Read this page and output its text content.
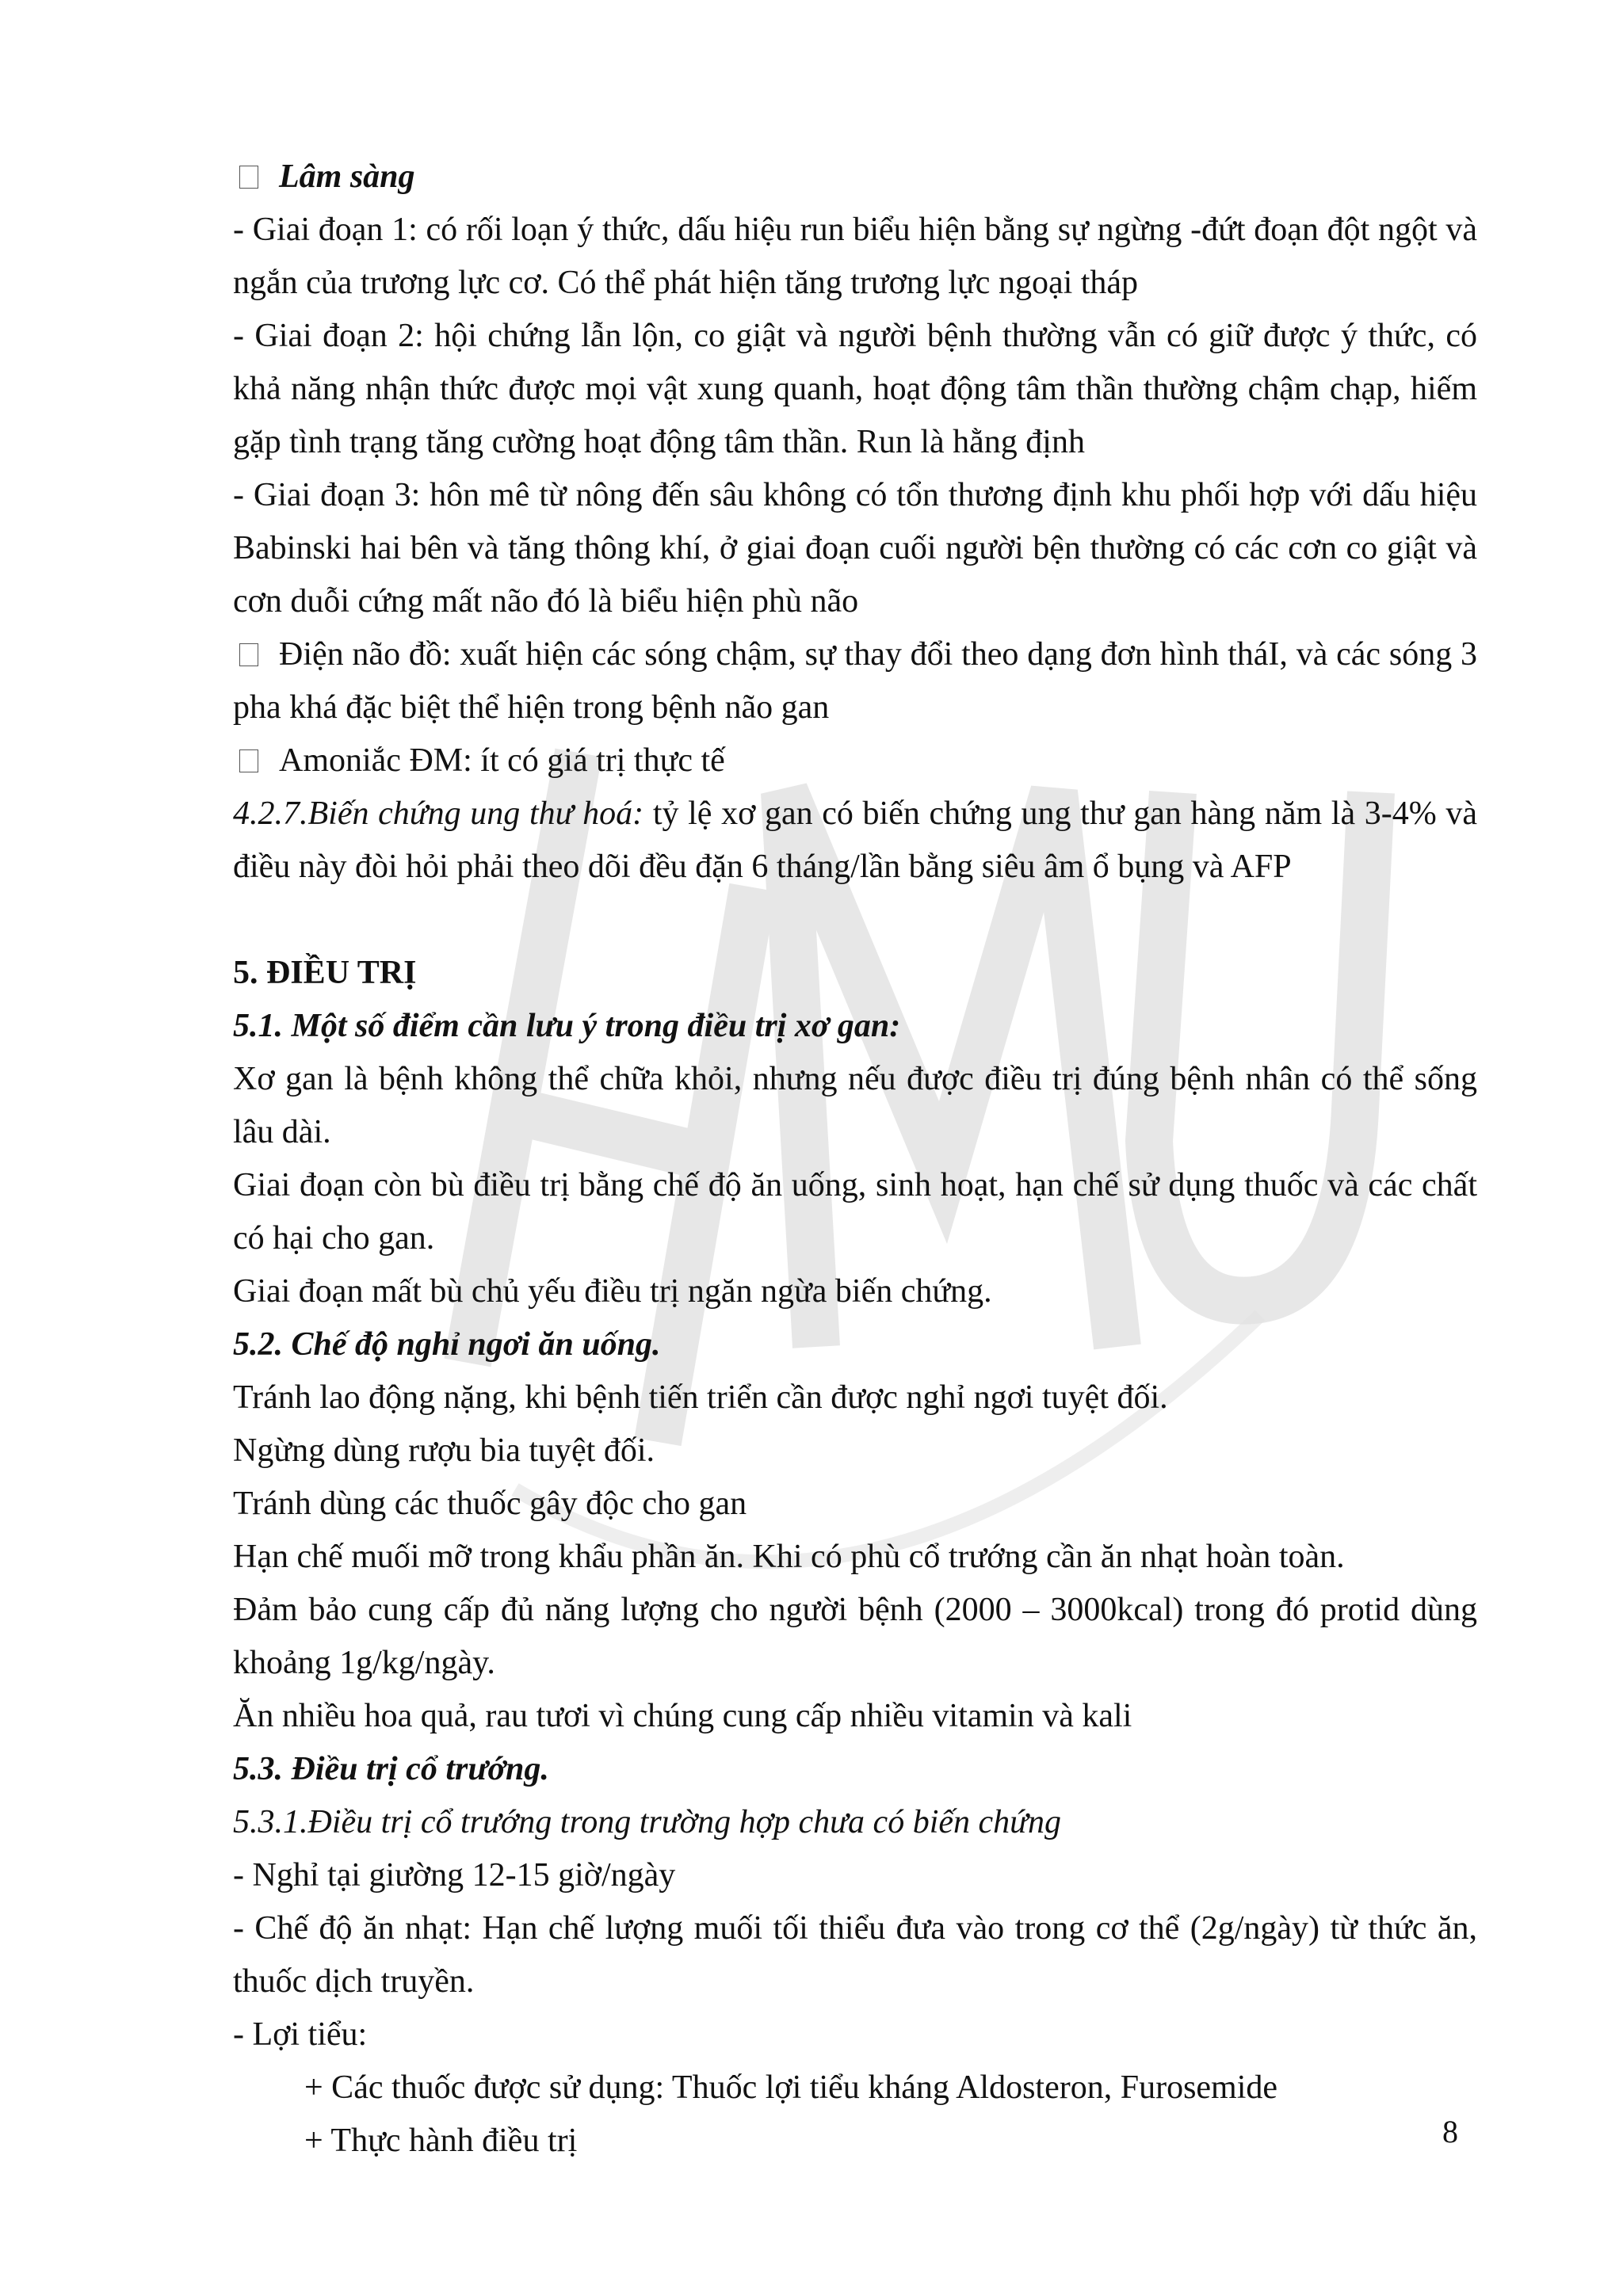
Lâm sàng

- Giai đoạn 1: có rối loạn ý thức, dấu hiệu run biểu hiện bằng sự ngừng -đứt đoạn đột ngột và ngắn của trương lực cơ. Có thể phát hiện tăng trương lực ngoại tháp

- Giai đoạn 2: hội chứng lẫn lộn, co giật và người bệnh thường vẫn có giữ được ý thức, có khả năng nhận thức được mọi vật xung quanh, hoạt động tâm thần thường chậm chạp, hiếm gặp tình trạng tăng cường hoạt động tâm thần. Run là hằng định

- Giai đoạn 3: hôn mê từ nông đến sâu không có tổn thương định khu phối hợp với dấu hiệu Babinski hai bên và tăng thông khí, ở giai đoạn cuối người bện thường có các cơn co giật và cơn duỗi cứng mất não đó là biểu hiện phù não

Điện não đồ: xuất hiện các sóng chậm, sự thay đổi theo dạng đơn hình tháI, và các sóng 3 pha khá đặc biệt thể hiện trong bệnh não gan

Amoniắc ĐM: ít có giá trị thực tế

4.2.7.Biến chứng ung thư hoá: tỷ lệ xơ gan có biến chứng ung thư gan hàng năm là 3-4% và điều này đòi hỏi phải theo dõi đều đặn 6 tháng/lần bằng siêu âm ổ bụng và AFP

5. ĐIỀU TRỊ

5.1. Một số điểm cần lưu ý trong điều trị xơ gan:

Xơ gan là bệnh không thể chữa khỏi, nhưng nếu được điều trị đúng bệnh nhân có thể sống lâu dài.

Giai đoạn còn bù điều trị bằng chế độ ăn uống, sinh hoạt, hạn chế sử dụng thuốc và các chất có hại cho gan.

Giai đoạn mất bù chủ yếu điều trị ngăn ngừa biến chứng.

5.2. Chế độ nghỉ ngơi ăn uống.

Tránh lao động nặng, khi bệnh tiến triển cần được nghỉ ngơi tuyệt đối.

Ngừng dùng rượu bia tuyệt đối.

Tránh dùng các thuốc gây độc cho gan

Hạn chế muối mỡ trong khẩu phần ăn. Khi có phù cổ trướng cần ăn nhạt hoàn toàn.

Đảm bảo cung cấp đủ năng lượng cho người bệnh (2000 – 3000kcal) trong đó protid dùng khoảng 1g/kg/ngày.

Ăn nhiều hoa quả, rau tươi vì chúng cung cấp nhiều vitamin và kali

5.3. Điều trị cổ trướng.

5.3.1.Điều trị cổ trướng trong trường hợp chưa có biến chứng

- Nghỉ tại giường 12-15 giờ/ngày

- Chế độ ăn nhạt: Hạn chế lượng muối tối thiểu đưa vào trong cơ thể (2g/ngày) từ thức ăn, thuốc dịch truyền.

- Lợi tiểu:

+ Các thuốc được sử dụng: Thuốc lợi tiểu kháng Aldosteron, Furosemide

+ Thực hành điều trị	8
